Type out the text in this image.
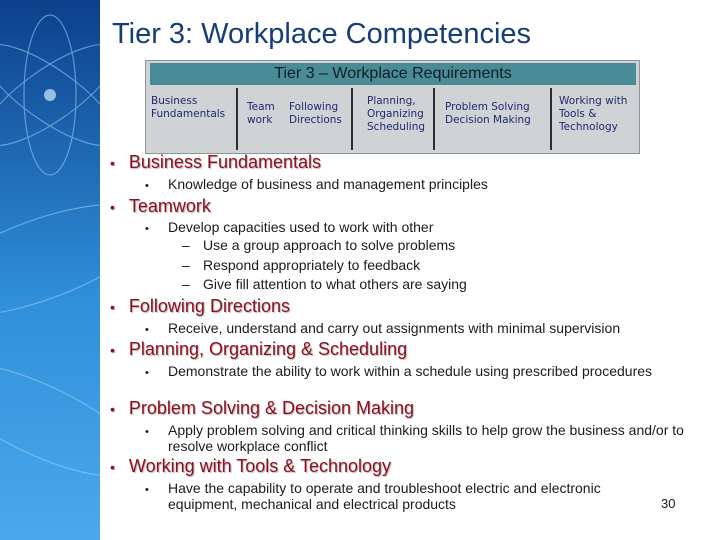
Tier 3: Workplace Competencies
Tier 3 – Workplace Requirements
Business
Fundamentals
Team
work
Following
Directions
Planning,
Organizing
Scheduling
Problem Solving
Decision Making
Working with
Tools &
Technology
• Business Fundamentals
• Knowledge of business and management principles
• Teamwork
• Develop capacities used to work with other
– Use a group approach to solve problems
– Respond appropriately to feedback
– Give fill attention to what others are saying
• Following Directions
• Receive, understand and carry out assignments with minimal supervision
• Planning, Organizing & Scheduling
• Demonstrate the ability to work within a schedule using prescribed procedures
• Problem Solving & Decision Making
• Apply problem solving and critical thinking skills to help grow the business and/or to resolve workplace conflict
• Working with Tools & Technology
• Have the capability to operate and troubleshoot electric and electronic equipment, mechanical and electrical products	30
